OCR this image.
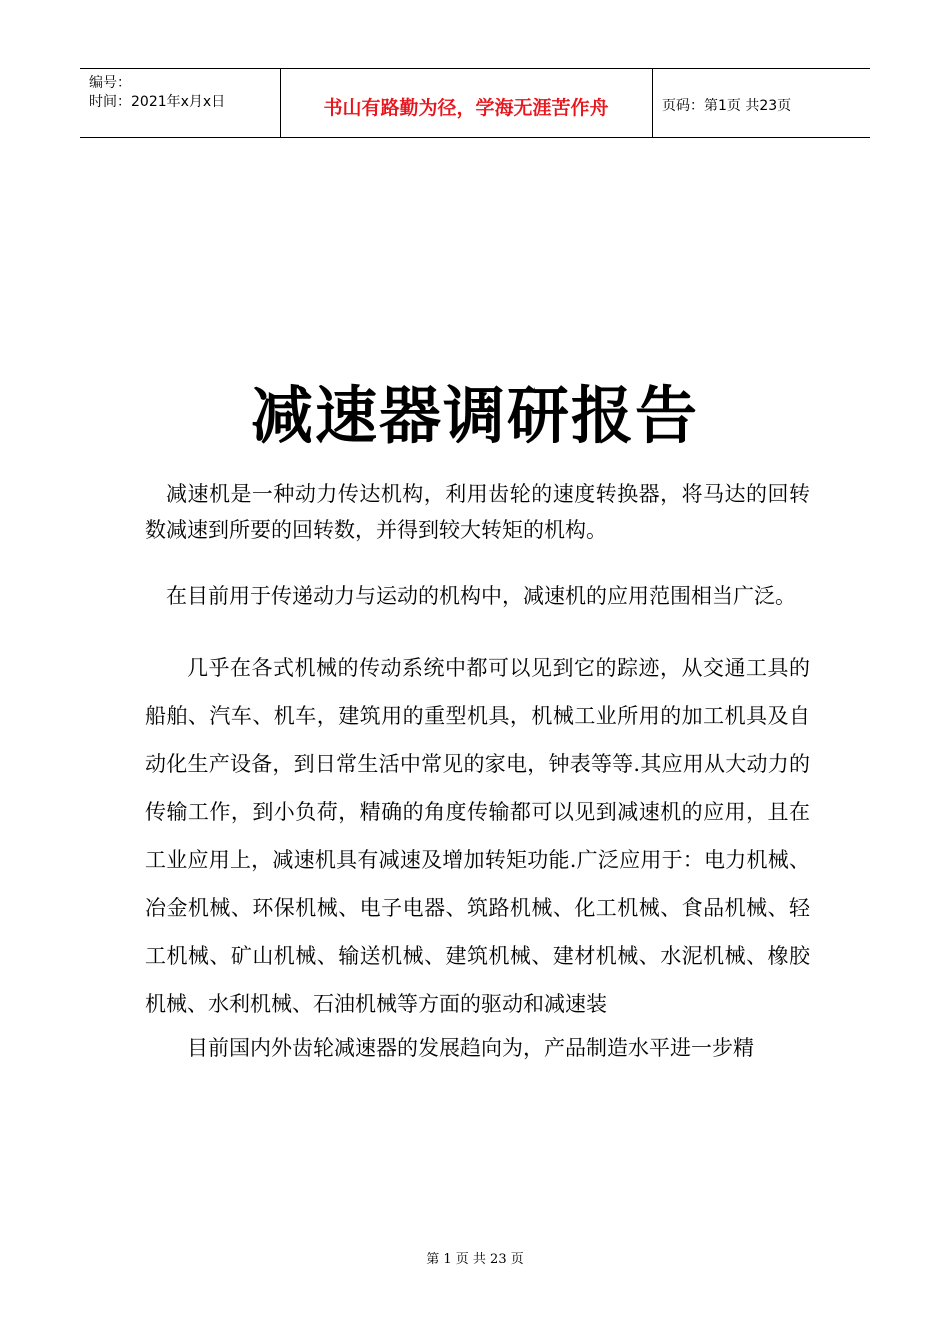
编号：
时间：2021年x月x日	书山有路勤为径，学海无涯苦作舟	页码：第1页 共23页
减速器调研报告

减速机是一种动力传达机构，利用齿轮的速度转换器，将马达的回转数减速到所要的回转数，并得到较大转矩的机构。

在目前用于传递动力与运动的机构中，减速机的应用范围相当广泛。

几乎在各式机械的传动系统中都可以见到它的踪迹，从交通工具的船舶、汽车、机车，建筑用的重型机具，机械工业所用的加工机具及自动化生产设备，到日常生活中常见的家电，钟表等等.其应用从大动力的传输工作，到小负荷，精确的角度传输都可以见到减速机的应用，且在工业应用上，减速机具有减速及增加转矩功能.广泛应用于：电力机械、冶金机械、环保机械、电子电器、筑路机械、化工机械、食品机械、轻工机械、矿山机械、输送机械、建筑机械、建材机械、水泥机械、橡胶机械、水利机械、石油机械等方面的驱动和减速装

目前国内外齿轮减速器的发展趋向为，产品制造水平进一步精

第 1 页 共 23 页
